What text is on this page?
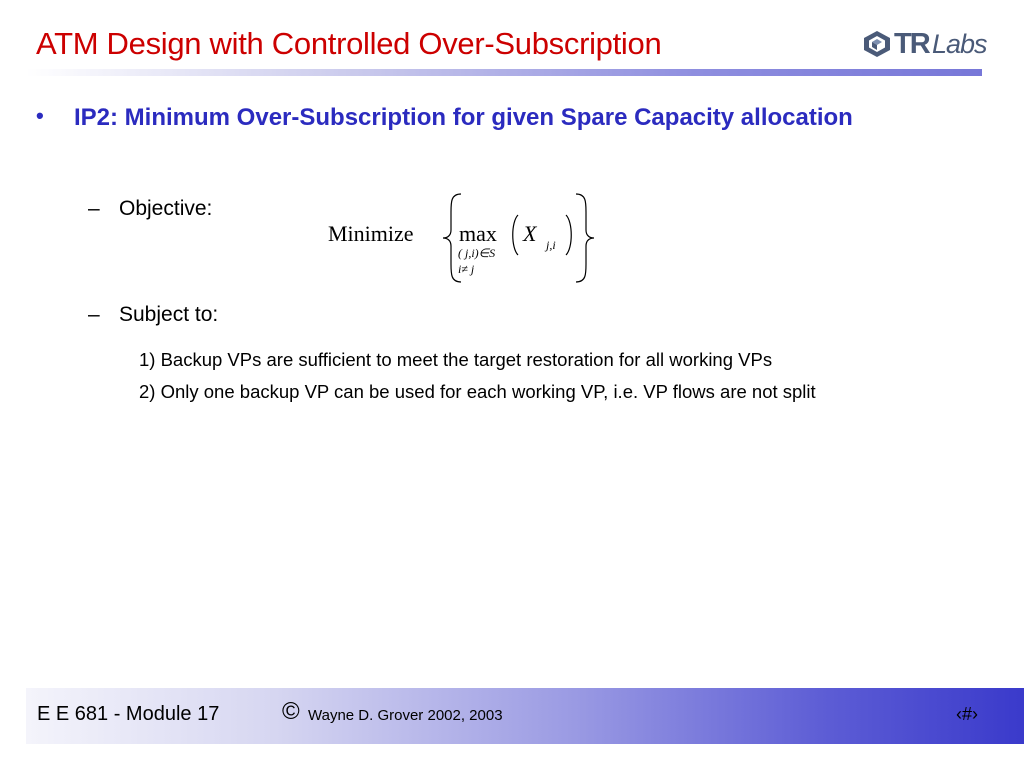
ATM Design with Controlled Over-Subscription	TR Labs
• IP2: Minimum Over-Subscription for given Spare Capacity allocation
– Objective:
Minimize max
( j,i)∈S
i≠ j
X j,i
– Subject to:
1) Backup VPs are sufficient to meet the target restoration for all working VPs
2) Only one backup VP can be used for each working VP, i.e. VP flows are not split
E E 681 - Module 17	© Wayne D. Grover 2002, 2003	‹#›
